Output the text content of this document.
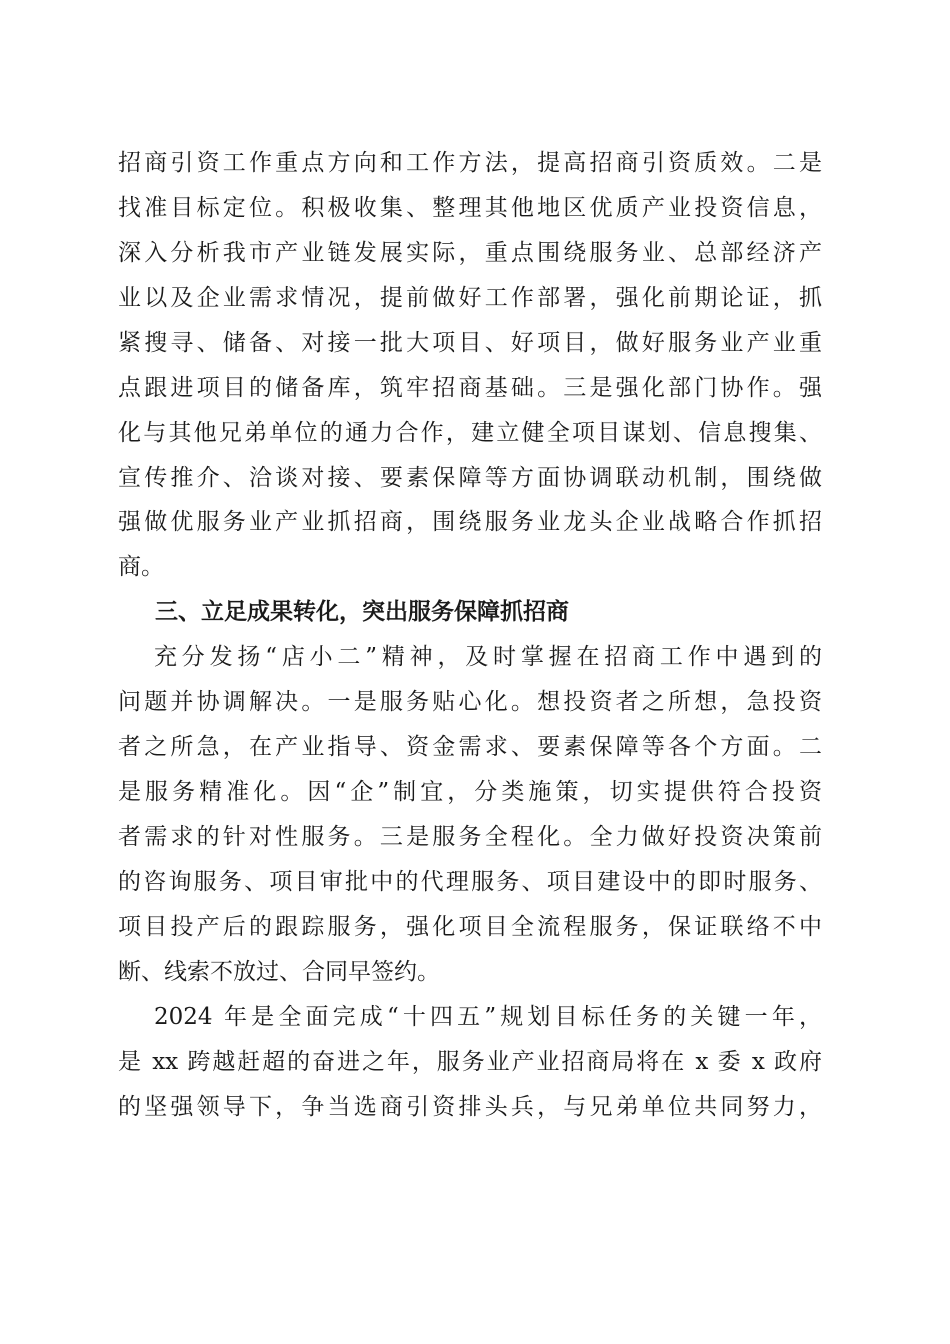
招商引资工作重点方向和工作方法，提高招商引资质效。二是
找准目标定位。积极收集、整理其他地区优质产业投资信息，
深入分析我市产业链发展实际，重点围绕服务业、总部经济产
业以及企业需求情况，提前做好工作部署，强化前期论证，抓
紧搜寻、储备、对接一批大项目、好项目，做好服务业产业重
点跟进项目的储备库，筑牢招商基础。三是强化部门协作。强
化与其他兄弟单位的通力合作，建立健全项目谋划、信息搜集、
宣传推介、洽谈对接、要素保障等方面协调联动机制，围绕做
强做优服务业产业抓招商，围绕服务业龙头企业战略合作抓招
商。
三、立足成果转化，突出服务保障抓招商
充分发扬“店小二”精神，及时掌握在招商工作中遇到的
问题并协调解决。一是服务贴心化。想投资者之所想，急投资
者之所急，在产业指导、资金需求、要素保障等各个方面。二
是服务精准化。因“企”制宜，分类施策，切实提供符合投资
者需求的针对性服务。三是服务全程化。全力做好投资决策前
的咨询服务、项目审批中的代理服务、项目建设中的即时服务、
项目投产后的跟踪服务，强化项目全流程服务，保证联络不中
断、线索不放过、合同早签约。
2024 年是全面完成“十四五”规划目标任务的关键一年，
是 xx 跨越赶超的奋进之年，服务业产业招商局将在 x 委 x 政府
的坚强领导下，争当选商引资排头兵，与兄弟单位共同努力，
